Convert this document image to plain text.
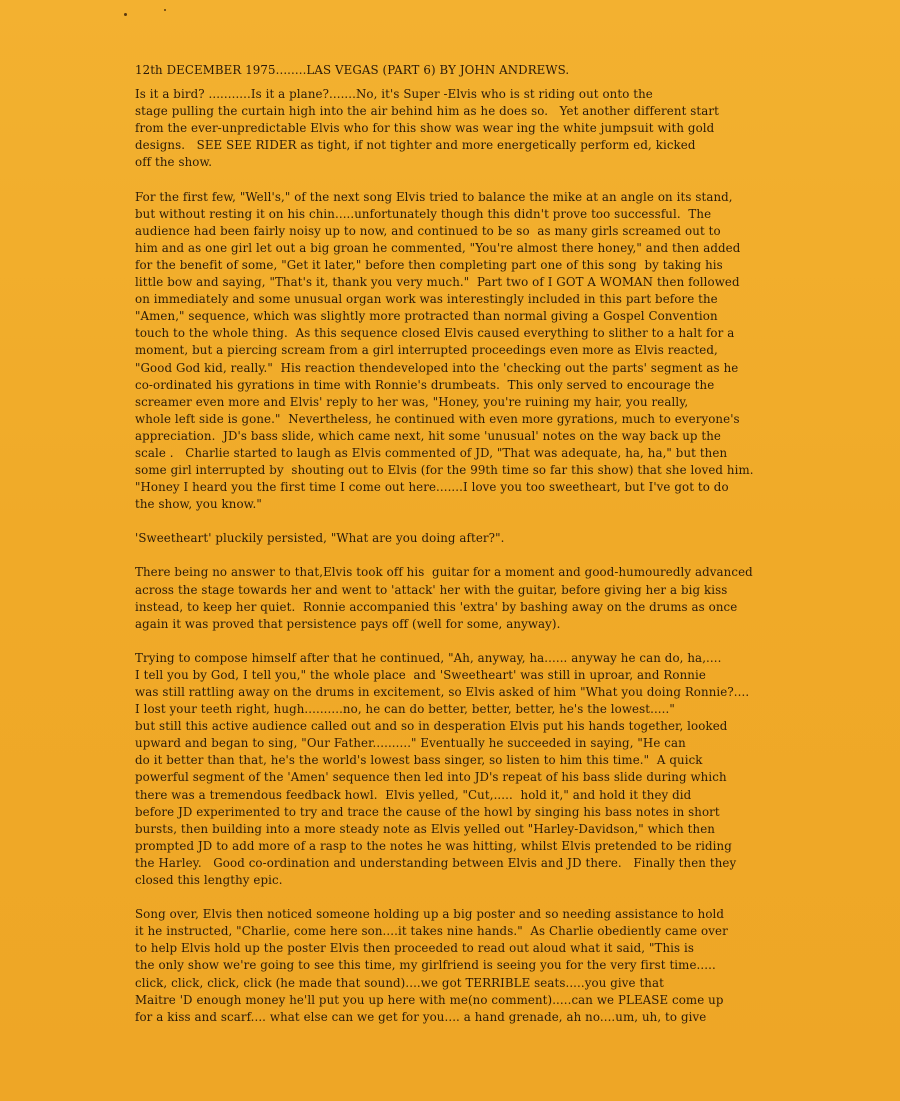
12th DECEMBER 1975........LAS VEGAS (PART 6) BY JOHN ANDREWS.
Is it a bird? ...........Is it a plane?.......No, it's Super -Elvis who is st riding out onto the
stage pulling the curtain high into the air behind him as he does so.   Yet another different start
from the ever-unpredictable Elvis who for this show was wear ing the white jumpsuit with gold
designs.   SEE SEE RIDER as tight, if not tighter and more energetically perform ed, kicked
off the show.
For the first few, "Well's," of the next song Elvis tried to balance the mike at an angle on its stand,
but without resting it on his chin.....unfortunately though this didn't prove too successful.  The
audience had been fairly noisy up to now, and continued to be so  as many girls screamed out to
him and as one girl let out a big groan he commented, "You're almost there honey," and then added
for the benefit of some, "Get it later," before then completing part one of this song  by taking his
little bow and saying, "That's it, thank you very much."  Part two of I GOT A WOMAN then followed
on immediately and some unusual organ work was interestingly included in this part before the
"Amen," sequence, which was slightly more protracted than normal giving a Gospel Convention
touch to the whole thing.  As this sequence closed Elvis caused everything to slither to a halt for a
moment, but a piercing scream from a girl interrupted proceedings even more as Elvis reacted,
"Good God kid, really."  His reaction thendeveloped into the 'checking out the parts' segment as he
co-ordinated his gyrations in time with Ronnie's drumbeats.  This only served to encourage the
screamer even more and Elvis' reply to her was, "Honey, you're ruining my hair, you really,
whole left side is gone."  Nevertheless, he continued with even more gyrations, much to everyone's
appreciation.  JD's bass slide, which came next, hit some 'unusual' notes on the way back up the
scale .   Charlie started to laugh as Elvis commented of JD, "That was adequate, ha, ha," but then
some girl interrupted by  shouting out to Elvis (for the 99th time so far this show) that she loved him.
"Honey I heard you the first time I come out here.......I love you too sweetheart, but I've got to do
the show, you know."
'Sweetheart' pluckily persisted, "What are you doing after?".
There being no answer to that,Elvis took off his  guitar for a moment and good-humouredly advanced
across the stage towards her and went to 'attack' her with the guitar, before giving her a big kiss
instead, to keep her quiet.  Ronnie accompanied this 'extra' by bashing away on the drums as once
again it was proved that persistence pays off (well for some, anyway).
Trying to compose himself after that he continued, "Ah, anyway, ha...... anyway he can do, ha,....
I tell you by God, I tell you," the whole place  and 'Sweetheart' was still in uproar, and Ronnie
was still rattling away on the drums in excitement, so Elvis asked of him "What you doing Ronnie?....
I lost your teeth right, hugh..........no, he can do better, better, better, he's the lowest....."
but still this active audience called out and so in desperation Elvis put his hands together, looked
upward and began to sing, "Our Father.........." Eventually he succeeded in saying, "He can
do it better than that, he's the world's lowest bass singer, so listen to him this time."  A quick
powerful segment of the 'Amen' sequence then led into JD's repeat of his bass slide during which
there was a tremendous feedback howl.  Elvis yelled, "Cut,.....  hold it," and hold it they did
before JD experimented to try and trace the cause of the howl by singing his bass notes in short
bursts, then building into a more steady note as Elvis yelled out "Harley-Davidson," which then
prompted JD to add more of a rasp to the notes he was hitting, whilst Elvis pretended to be riding
the Harley.   Good co-ordination and understanding between Elvis and JD there.   Finally then they
closed this lengthy epic.
Song over, Elvis then noticed someone holding up a big poster and so needing assistance to hold
it he instructed, "Charlie, come here son....it takes nine hands."  As Charlie obediently came over
to help Elvis hold up the poster Elvis then proceeded to read out aloud what it said, "This is
the only show we're going to see this time, my girlfriend is seeing you for the very first time.....
click, click, click, click (he made that sound)....we got TERRIBLE seats.....you give that
Maitre 'D enough money he'll put you up here with me(no comment).....can we PLEASE come up
for a kiss and scarf.... what else can we get for you.... a hand grenade, ah no....um, uh, to give
